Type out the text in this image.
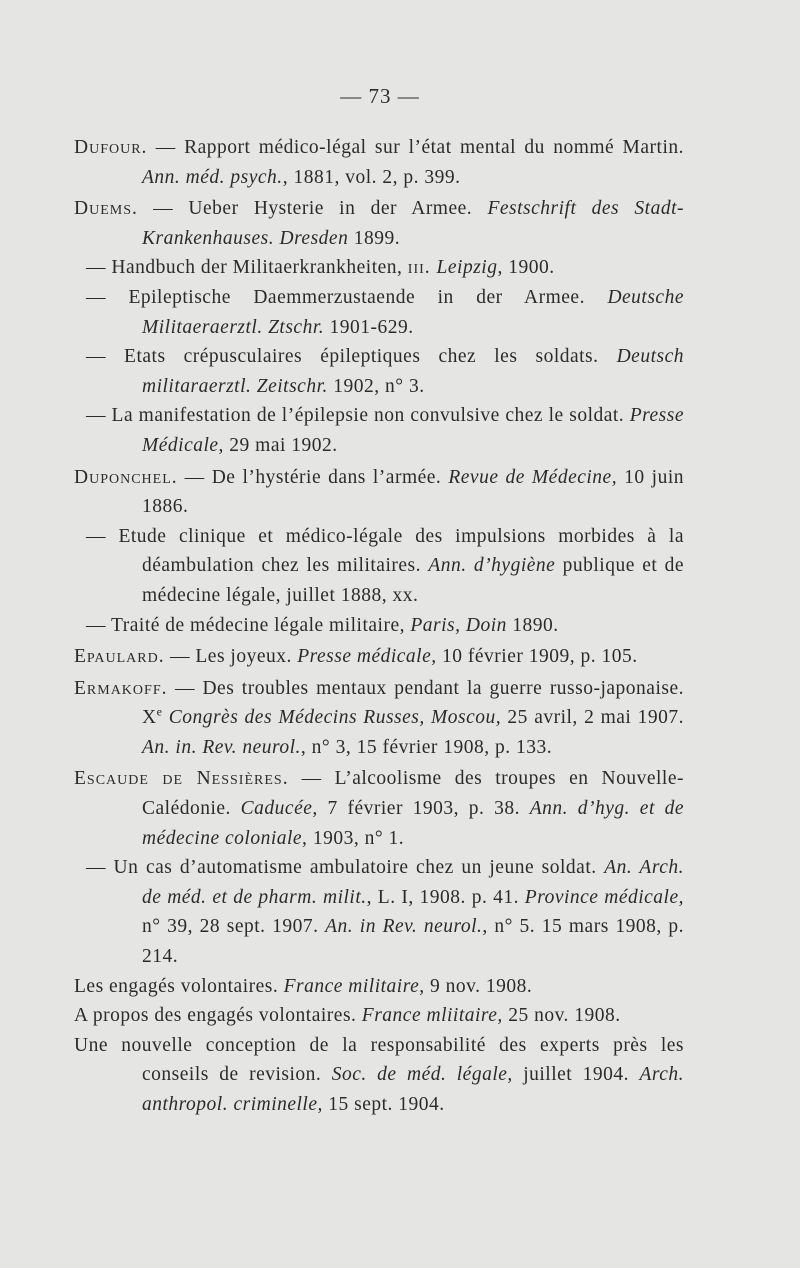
— 73 —

Dufour. — Rapport médico-légal sur l’état mental du nommé Martin. Ann. méd. psych., 1881, vol. 2, p. 399.

Duems. — Ueber Hysterie in der Armee. Festschrift des Stadt-Krankenhauses. Dresden 1899.

— Handbuch der Militaerkrankheiten, iii. Leipzig, 1900.

— Epileptische Daemmerzustaende in der Armee. Deutsche Militaeraerztl. Ztschr. 1901-629.

— Etats crépusculaires épileptiques chez les soldats. Deutsch militaraerztl. Zeitschr. 1902, n° 3.

— La manifestation de l’épilepsie non convulsive chez le soldat. Presse Médicale, 29 mai 1902.

Duponchel. — De l’hystérie dans l’armée. Revue de Médecine, 10 juin 1886.

— Etude clinique et médico-légale des impulsions morbides à la déambulation chez les militaires. Ann. d’hygiène publique et de médecine légale, juillet 1888, xx.

— Traité de médecine légale militaire, Paris, Doin 1890.

Epaulard. — Les joyeux. Presse médicale, 10 février 1909, p. 105.

Ermakoff. — Des troubles mentaux pendant la guerre russo-japonaise. Xe Congrès des Médecins Russes, Moscou, 25 avril, 2 mai 1907. An. in. Rev. neurol., n° 3, 15 février 1908, p. 133.

Escaude de Nessières. — L’alcoolisme des troupes en Nouvelle-Calédonie. Caducée, 7 février 1903, p. 38. Ann. d’hyg. et de médecine coloniale, 1903, n° 1.

— Un cas d’automatisme ambulatoire chez un jeune soldat. An. Arch. de méd. et de pharm. milit., L. I, 1908. p. 41. Province médicale, n° 39, 28 sept. 1907. An. in Rev. neurol., n° 5. 15 mars 1908, p. 214.

Les engagés volontaires. France militaire, 9 nov. 1908.

A propos des engagés volontaires. France mliitaire, 25 nov. 1908.

Une nouvelle conception de la responsabilité des experts près les conseils de revision. Soc. de méd. légale, juillet 1904. Arch. anthropol. criminelle, 15 sept. 1904.
